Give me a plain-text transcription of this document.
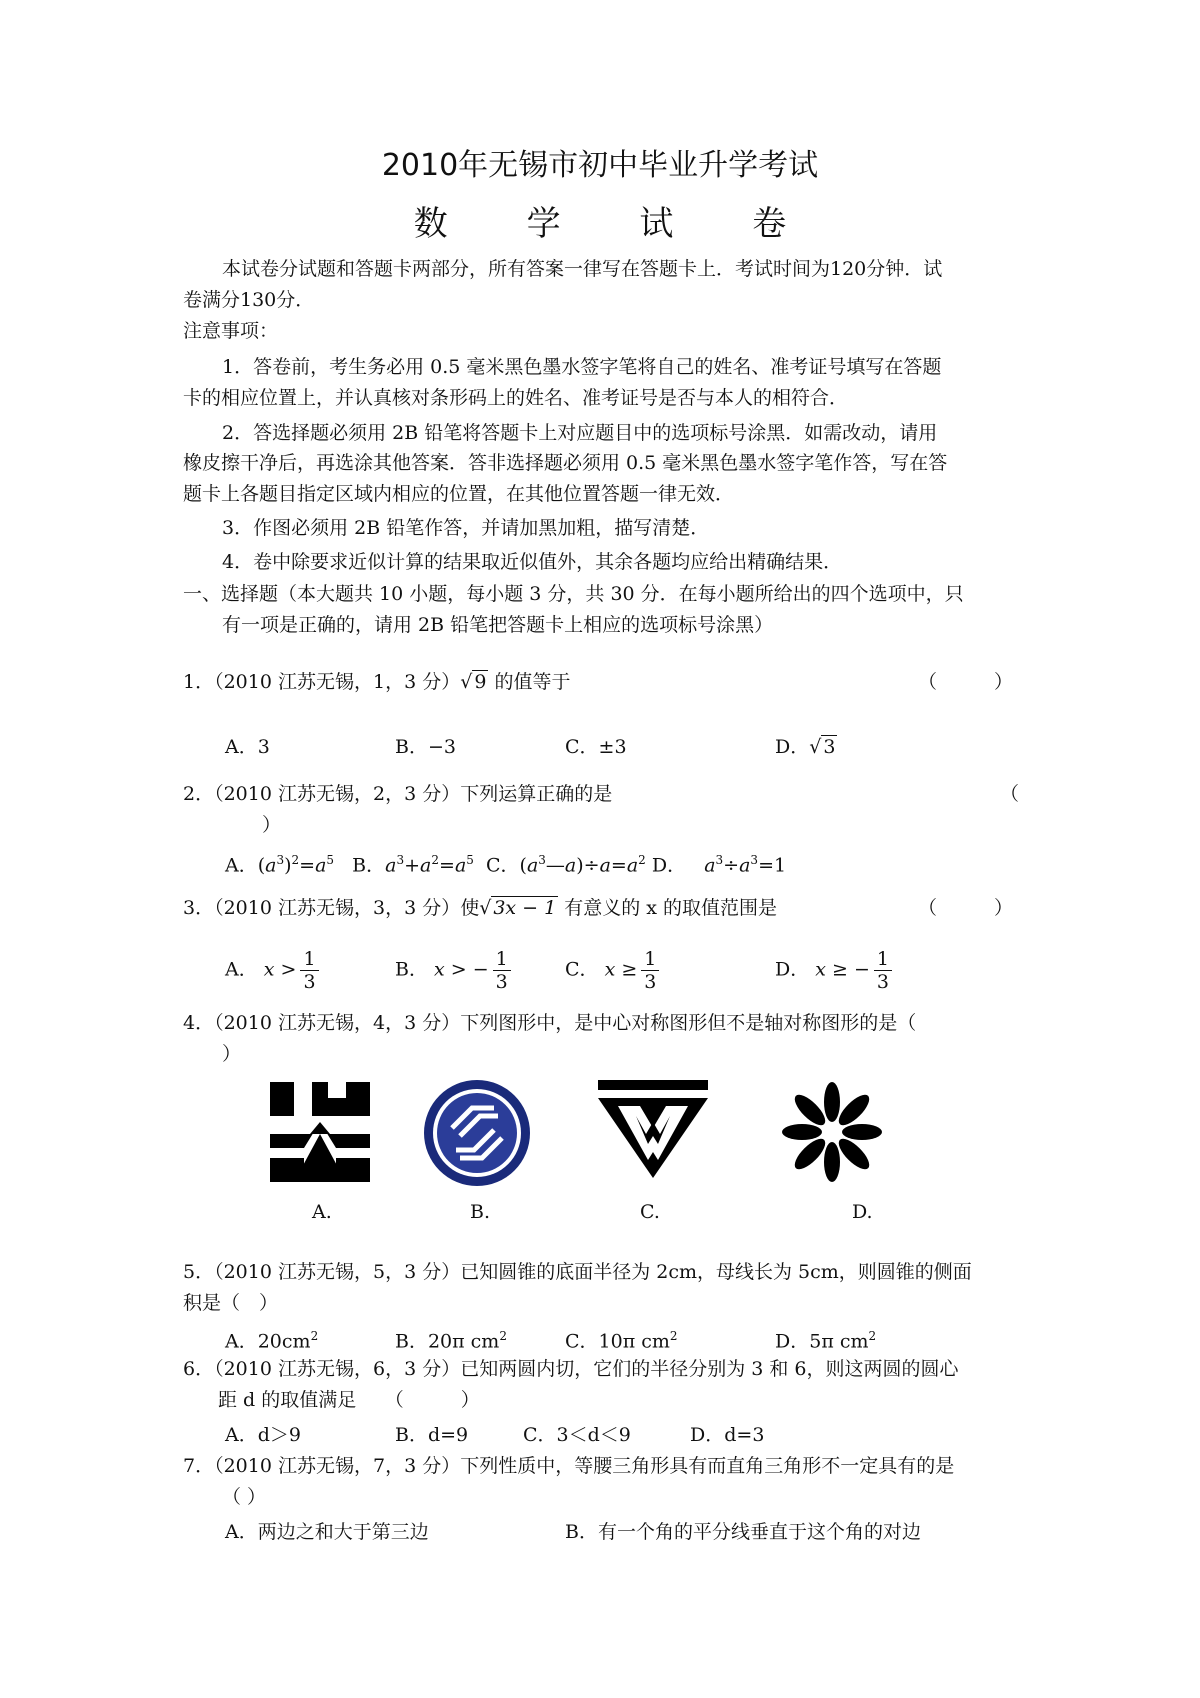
2010年无锡市初中毕业升学考试
数 学 试 卷
本试卷分试题和答题卡两部分，所有答案一律写在答题卡上．考试时间为120分钟．试
卷满分130分．
注意事项：
1．答卷前，考生务必用 0.5 毫米黑色墨水签字笔将自己的姓名、准考证号填写在答题
卡的相应位置上，并认真核对条形码上的姓名、准考证号是否与本人的相符合．
2．答选择题必须用 2B 铅笔将答题卡上对应题目中的选项标号涂黑．如需改动，请用
橡皮擦干净后，再选涂其他答案．答非选择题必须用 0.5 毫米黑色墨水签字笔作答，写在答
题卡上各题目指定区域内相应的位置，在其他位置答题一律无效．
3．作图必须用 2B 铅笔作答，并请加黑加粗，描写清楚．
4．卷中除要求近似计算的结果取近似值外，其余各题均应给出精确结果．
一、选择题（本大题共 10 小题，每小题 3 分，共 30 分．在每小题所给出的四个选项中，只
有一项是正确的，请用 2B 铅笔把答题卡上相应的选项标号涂黑）
1．（2010 江苏无锡，1，3 分）√ 9 的值等于	（　　　）
A．3	B．−3	C．±3	D．√ 3
2．（2010 江苏无锡，2，3 分）下列运算正确的是	（
）
A．$(a^3)^2=a^5$   B．$a^3+a^2=a^5$  C．$(a^3—a)\div a=a^2$ D．   $a^3\div a^3=1$
3．（2010 江苏无锡，3，3 分）使√ 3x − 1 有意义的 x 的取值范围是	（　　　）
A． $x > \frac{1}{3}$	B． x > − $\frac{1}{3}$	C． $x \ge \frac{1}{3}$	D． x ≥ − $\frac{1}{3}$
4．（2010 江苏无锡，4，3 分）下列图形中，是中心对称图形但不是轴对称图形的是（
）
A.	B.	C.	D.
5．（2010 江苏无锡，5，3 分）已知圆锥的底面半径为 2cm，母线长为 5cm，则圆锥的侧面
积是（　）
A．$20cm^2$	B．20π $cm^2$	C．10π $cm^2$	D．5π $cm^2$
6．（2010 江苏无锡，6，3 分）已知两圆内切，它们的半径分别为 3 和 6，则这两圆的圆心
距 d 的取值满足　　（　　　）
A．d＞9	B．d=9	C．3＜d＜9	D．d=3
7．（2010 江苏无锡，7，3 分）下列性质中，等腰三角形具有而直角三角形不一定具有的是
（ ）
A．两边之和大于第三边	B．有一个角的平分线垂直于这个角的对边
